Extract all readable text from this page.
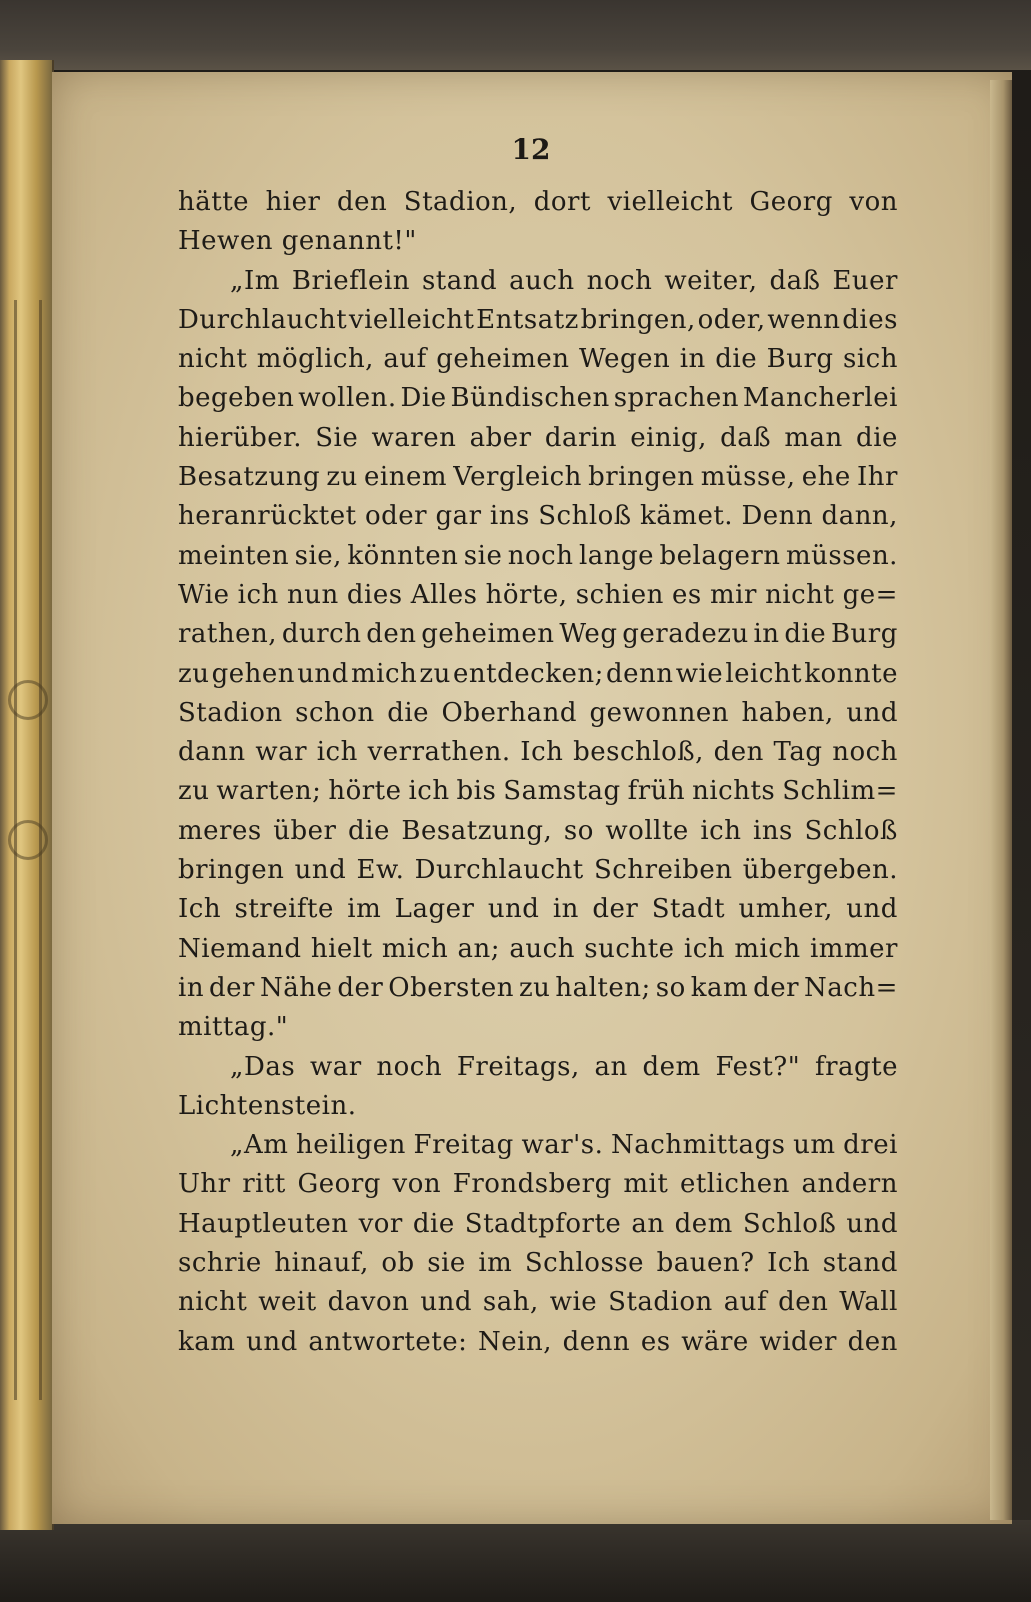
12
hätte hier den Stadion, dort vielleicht Georg von
Hewen genannt!"
„Im Brieflein stand auch noch weiter, daß Euer
Durchlaucht vielleicht Entsatz bringen, oder, wenn dies
nicht möglich, auf geheimen Wegen in die Burg sich
begeben wollen. Die Bündischen sprachen Mancherlei
hierüber. Sie waren aber darin einig, daß man die
Besatzung zu einem Vergleich bringen müsse, ehe Ihr
heranrücktet oder gar ins Schloß kämet. Denn dann,
meinten sie, könnten sie noch lange belagern müssen.
Wie ich nun dies Alles hörte, schien es mir nicht ge=
rathen, durch den geheimen Weg geradezu in die Burg
zu gehen und mich zu entdecken; denn wie leicht konnte
Stadion schon die Oberhand gewonnen haben, und
dann war ich verrathen. Ich beschloß, den Tag noch
zu warten; hörte ich bis Samstag früh nichts Schlim=
meres über die Besatzung, so wollte ich ins Schloß
bringen und Ew. Durchlaucht Schreiben übergeben.
Ich streifte im Lager und in der Stadt umher, und
Niemand hielt mich an; auch suchte ich mich immer
in der Nähe der Obersten zu halten; so kam der Nach=
mittag."
„Das war noch Freitags, an dem Fest?" fragte
Lichtenstein.
„Am heiligen Freitag war's. Nachmittags um drei
Uhr ritt Georg von Frondsberg mit etlichen andern
Hauptleuten vor die Stadtpforte an dem Schloß und
schrie hinauf, ob sie im Schlosse bauen? Ich stand
nicht weit davon und sah, wie Stadion auf den Wall
kam und antwortete: Nein, denn es wäre wider den
